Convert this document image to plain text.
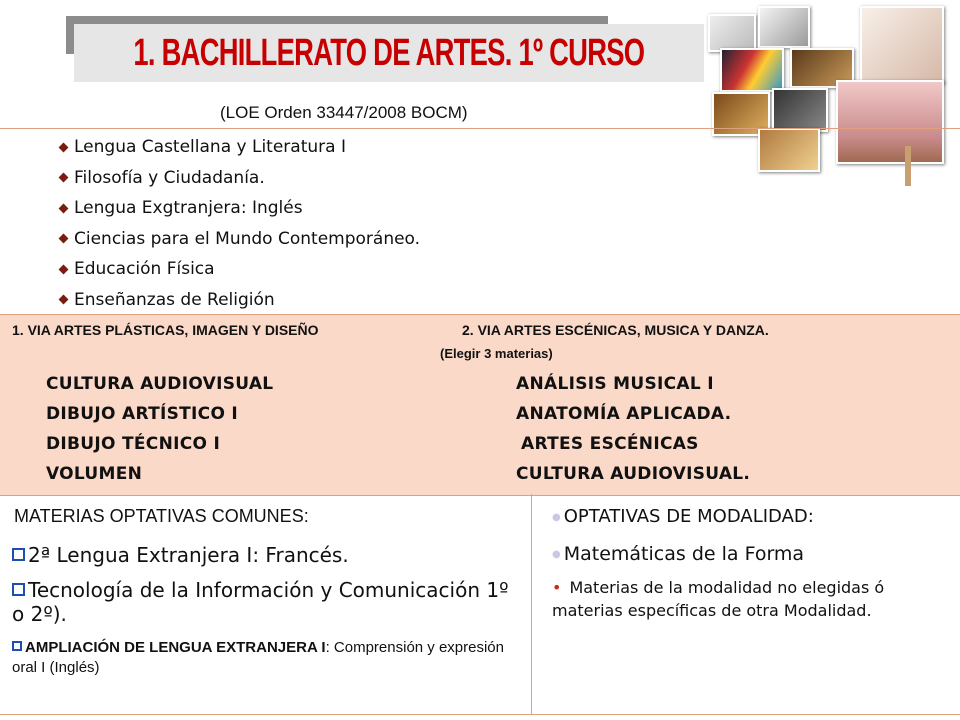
1. BACHILLERATO DE ARTES. 1º CURSO
(LOE Orden 33447/2008 BOCM)
Lengua Castellana y Literatura I
Filosofía y Ciudadanía.
Lengua Exgtranjera: Inglés
Ciencias para el Mundo Contemporáneo.
Educación Física
Enseñanzas de Religión
1. VIA ARTES PLÁSTICAS, IMAGEN Y DISEÑO	2. VIA ARTES ESCÉNICAS, MUSICA Y DANZA.
(Elegir 3 materias)
CULTURA AUDIOVISUAL
DIBUJO ARTÍSTICO I
DIBUJO TÉCNICO I
VOLUMEN
ANÁLISIS MUSICAL I
ANATOMÍA APLICADA.
ARTES ESCÉNICAS
CULTURA AUDIOVISUAL.
MATERIAS OPTATIVAS COMUNES:
2ª Lengua Extranjera I: Francés.
Tecnología de la Información y Comunicación 1º o 2º).
AMPLIACIÓN DE LENGUA EXTRANJERA I: Comprensión y expresión oral I (Inglés)
● OPTATIVAS DE MODALIDAD:
● Matemáticas de la Forma
• Materias de la modalidad no elegidas ó materias específicas de otra Modalidad.
